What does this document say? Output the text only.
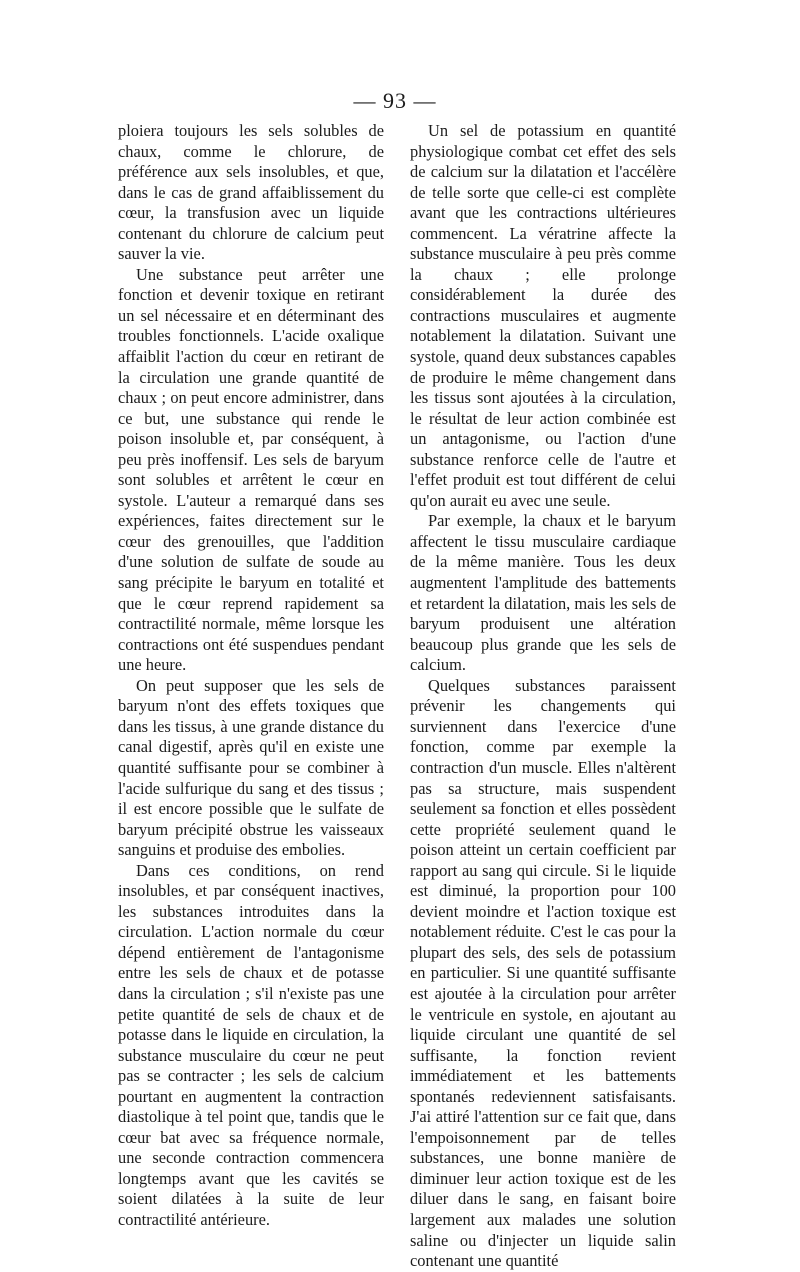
— 93 —

ploiera toujours les sels solubles de chaux, comme le chlorure, de préférence aux sels insolubles, et que, dans le cas de grand affaiblissement du cœur, la transfusion avec un liquide contenant du chlorure de calcium peut sauver la vie.

Une substance peut arrêter une fonction et devenir toxique en retirant un sel nécessaire et en déterminant des troubles fonctionnels. L'acide oxalique affaiblit l'action du cœur en retirant de la circulation une grande quantité de chaux ; on peut encore administrer, dans ce but, une substance qui rende le poison insoluble et, par conséquent, à peu près inoffensif. Les sels de baryum sont solubles et arrêtent le cœur en systole. L'auteur a remarqué dans ses expériences, faites directement sur le cœur des grenouilles, que l'addition d'une solution de sulfate de soude au sang précipite le baryum en totalité et que le cœur reprend rapidement sa contractilité normale, même lorsque les contractions ont été suspendues pendant une heure.

On peut supposer que les sels de baryum n'ont des effets toxiques que dans les tissus, à une grande distance du canal digestif, après qu'il en existe une quantité suffisante pour se combiner à l'acide sulfurique du sang et des tissus ; il est encore possible que le sulfate de baryum précipité obstrue les vaisseaux sanguins et produise des embolies.

Dans ces conditions, on rend insolubles, et par conséquent inactives, les substances introduites dans la circulation. L'action normale du cœur dépend entièrement de l'antagonisme entre les sels de chaux et de potasse dans la circulation ; s'il n'existe pas une petite quantité de sels de chaux et de potasse dans le liquide en circulation, la substance musculaire du cœur ne peut pas se contracter ; les sels de calcium pourtant en augmentent la contraction diastolique à tel point que, tandis que le cœur bat avec sa fréquence normale, une seconde contraction commencera longtemps avant que les cavités se soient dilatées à la suite de leur contractilité antérieure.

Un sel de potassium en quantité physiologique combat cet effet des sels de calcium sur la dilatation et l'accélère de telle sorte que celle-ci est complète avant que les contractions ultérieures commencent. La vératrine affecte la substance musculaire à peu près comme la chaux ; elle prolonge considérablement la durée des contractions musculaires et augmente notablement la dilatation. Suivant une systole, quand deux substances capables de produire le même changement dans les tissus sont ajoutées à la circulation, le résultat de leur action combinée est un antagonisme, ou l'action d'une substance renforce celle de l'autre et l'effet produit est tout différent de celui qu'on aurait eu avec une seule.

Par exemple, la chaux et le baryum affectent le tissu musculaire cardiaque de la même manière. Tous les deux augmentent l'amplitude des battements et retardent la dilatation, mais les sels de baryum produisent une altération beaucoup plus grande que les sels de calcium.

Quelques substances paraissent prévenir les changements qui surviennent dans l'exercice d'une fonction, comme par exemple la contraction d'un muscle. Elles n'altèrent pas sa structure, mais suspendent seulement sa fonction et elles possèdent cette propriété seulement quand le poison atteint un certain coefficient par rapport au sang qui circule. Si le liquide est diminué, la proportion pour 100 devient moindre et l'action toxique est notablement réduite. C'est le cas pour la plupart des sels, des sels de potassium en particulier. Si une quantité suffisante est ajoutée à la circulation pour arrêter le ventricule en systole, en ajoutant au liquide circulant une quantité de sel suffisante, la fonction revient immédiatement et les battements spontanés redeviennent satisfaisants. J'ai attiré l'attention sur ce fait que, dans l'empoisonnement par de telles substances, une bonne manière de diminuer leur action toxique est de les diluer dans le sang, en faisant boire largement aux malades une solution saline ou d'injecter un liquide salin contenant une quantité
